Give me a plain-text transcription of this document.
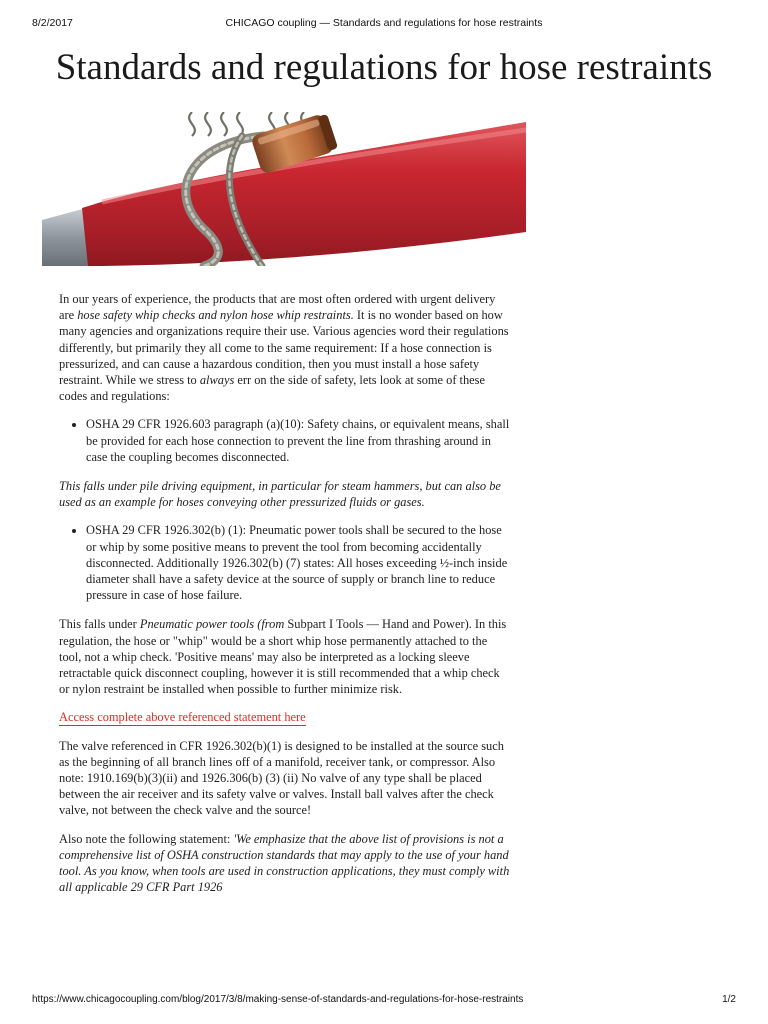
8/2/2017	CHICAGO coupling — Standards and regulations for hose restraints
Standards and regulations for hose restraints

In our years of experience, the products that are most often ordered with urgent delivery are hose safety whip checks and nylon hose whip restraints. It is no wonder based on how many agencies and organizations require their use. Various agencies word their regulations differently, but primarily they all come to the same requirement: If a hose connection is pressurized, and can cause a hazardous condition, then you must install a hose safety restraint. While we stress to always err on the side of safety, lets look at some of these codes and regulations:

• OSHA 29 CFR 1926.603 paragraph (a)(10): Safety chains, or equivalent means, shall be provided for each hose connection to prevent the line from thrashing around in case the coupling becomes disconnected.

This falls under pile driving equipment, in particular for steam hammers, but can also be used as an example for hoses conveying other pressurized fluids or gases.

• OSHA 29 CFR 1926.302(b) (1): Pneumatic power tools shall be secured to the hose or whip by some positive means to prevent the tool from becoming accidentally disconnected. Additionally 1926.302(b) (7) states: All hoses exceeding ½-inch inside diameter shall have a safety device at the source of supply or branch line to reduce pressure in case of hose failure.

This falls under Pneumatic power tools (from Subpart I Tools — Hand and Power). In this regulation, the hose or "whip" would be a short whip hose permanently attached to the tool, not a whip check. 'Positive means' may also be interpreted as a locking sleeve retractable quick disconnect coupling, however it is still recommended that a whip check or nylon restraint be installed when possible to further minimize risk.

Access complete above referenced statement here

The valve referenced in CFR 1926.302(b)(1) is designed to be installed at the source such as the beginning of all branch lines off of a manifold, receiver tank, or compressor. Also note: 1910.169(b)(3)(ii) and 1926.306(b) (3) (ii) No valve of any type shall be placed between the air receiver and its safety valve or valves. Install ball valves after the check valve, not between the check valve and the source!

Also note the following statement: 'We emphasize that the above list of provisions is not a comprehensive list of OSHA construction standards that may apply to the use of your hand tool. As you know, when tools are used in construction applications, they must comply with all applicable 29 CFR Part 1926

https://www.chicagocoupling.com/blog/2017/3/8/making-sense-of-standards-and-regulations-for-hose-restraints	1/2
